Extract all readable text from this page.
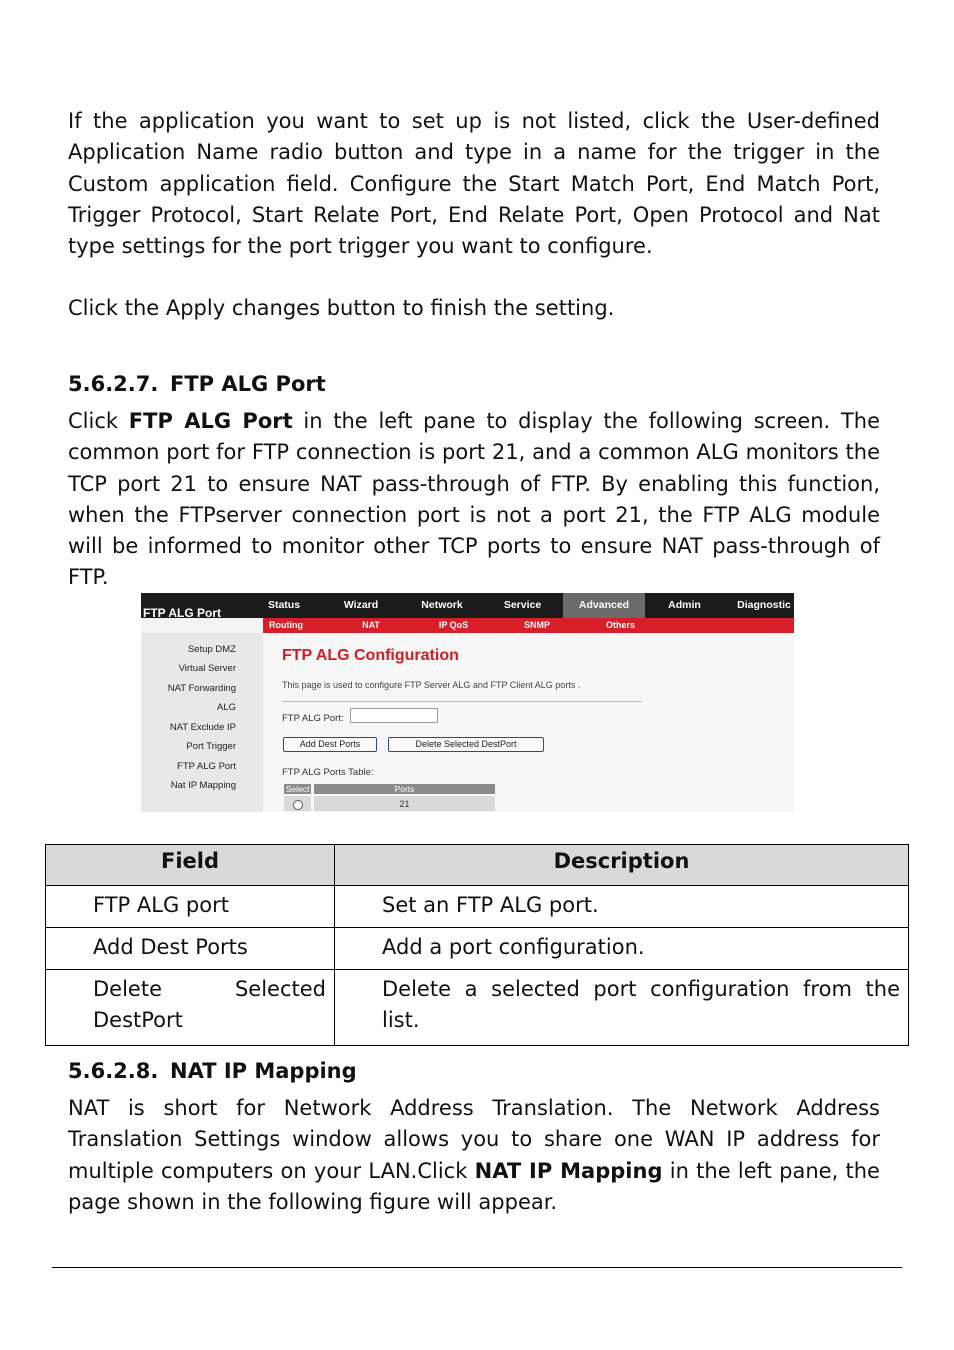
If the application you want to set up is not listed, click the User-defined Application Name radio button and type in a name for the trigger in the Custom application field. Configure the Start Match Port, End Match Port, Trigger Protocol, Start Relate Port, End Relate Port, Open Protocol and Nat type settings for the port trigger you want to configure.

Click the Apply changes button to finish the setting.

5.6.2.7. FTP ALG Port

Click FTP ALG Port in the left pane to display the following screen. The common port for FTP connection is port 21, and a common ALG monitors the TCP port 21 to ensure NAT pass-through of FTP. By enabling this function, when the FTPserver connection port is not a port 21, the FTP ALG module will be informed to monitor other TCP ports to ensure NAT pass-through of FTP.

FTP ALG Port
Status	Wizard	Network	Service	Advanced	Admin	Diagnostic
Routing	NAT	IP QoS	SNMP	Others
Setup DMZ
Virtual Server
NAT Forwarding
ALG
NAT Exclude IP
Port Trigger
FTP ALG Port
Nat IP Mapping
FTP ALG Configuration
This page is used to configure FTP Server ALG and FTP Client ALG ports .
FTP ALG Port:
Add Dest Ports	Delete Selected DestPort
FTP ALG Ports Table:
Select	Ports
21
Field	Description

FTP ALG port	Set an FTP ALG port.

Add Dest Ports	Add a port configuration.

Delete Selected DestPort	Delete a selected port configuration from the list.

5.6.2.8. NAT IP Mapping

NAT is short for Network Address Translation. The Network Address Translation Settings window allows you to share one WAN IP address for multiple computers on your LAN.Click NAT IP Mapping in the left pane, the page shown in the following figure will appear.
